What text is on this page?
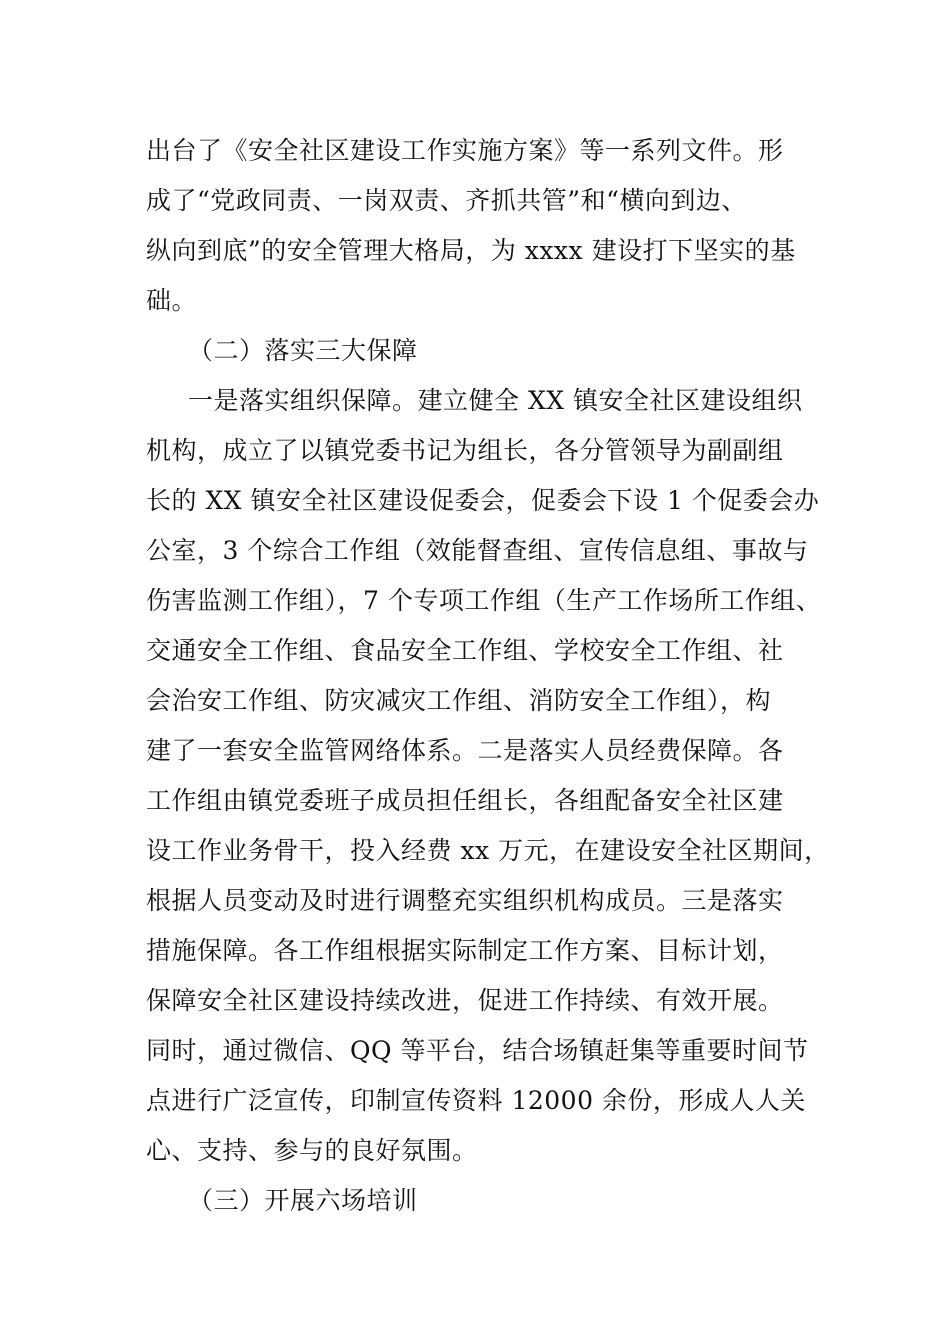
出台了《安全社区建设工作实施方案》等一系列文件。形
成了“党政同责、一岗双责、齐抓共管”和“横向到边、
纵向到底”的安全管理大格局，为 xxxx 建设打下坚实的基
础。
（二）落实三大保障
一是落实组织保障。建立健全 XX 镇安全社区建设组织
机构，成立了以镇党委书记为组长，各分管领导为副副组
长的 XX 镇安全社区建设促委会，促委会下设 1 个促委会办
公室，3 个综合工作组（效能督查组、宣传信息组、事故与
伤害监测工作组），7 个专项工作组（生产工作场所工作组、
交通安全工作组、食品安全工作组、学校安全工作组、社
会治安工作组、防灾减灾工作组、消防安全工作组），构
建了一套安全监管网络体系。二是落实人员经费保障。各
工作组由镇党委班子成员担任组长，各组配备安全社区建
设工作业务骨干，投入经费 xx 万元，在建设安全社区期间，
根据人员变动及时进行调整充实组织机构成员。三是落实
措施保障。各工作组根据实际制定工作方案、目标计划，
保障安全社区建设持续改进，促进工作持续、有效开展。
同时，通过微信、QQ 等平台，结合场镇赶集等重要时间节
点进行广泛宣传，印制宣传资料 12000 余份，形成人人关
心、支持、参与的良好氛围。
（三）开展六场培训
